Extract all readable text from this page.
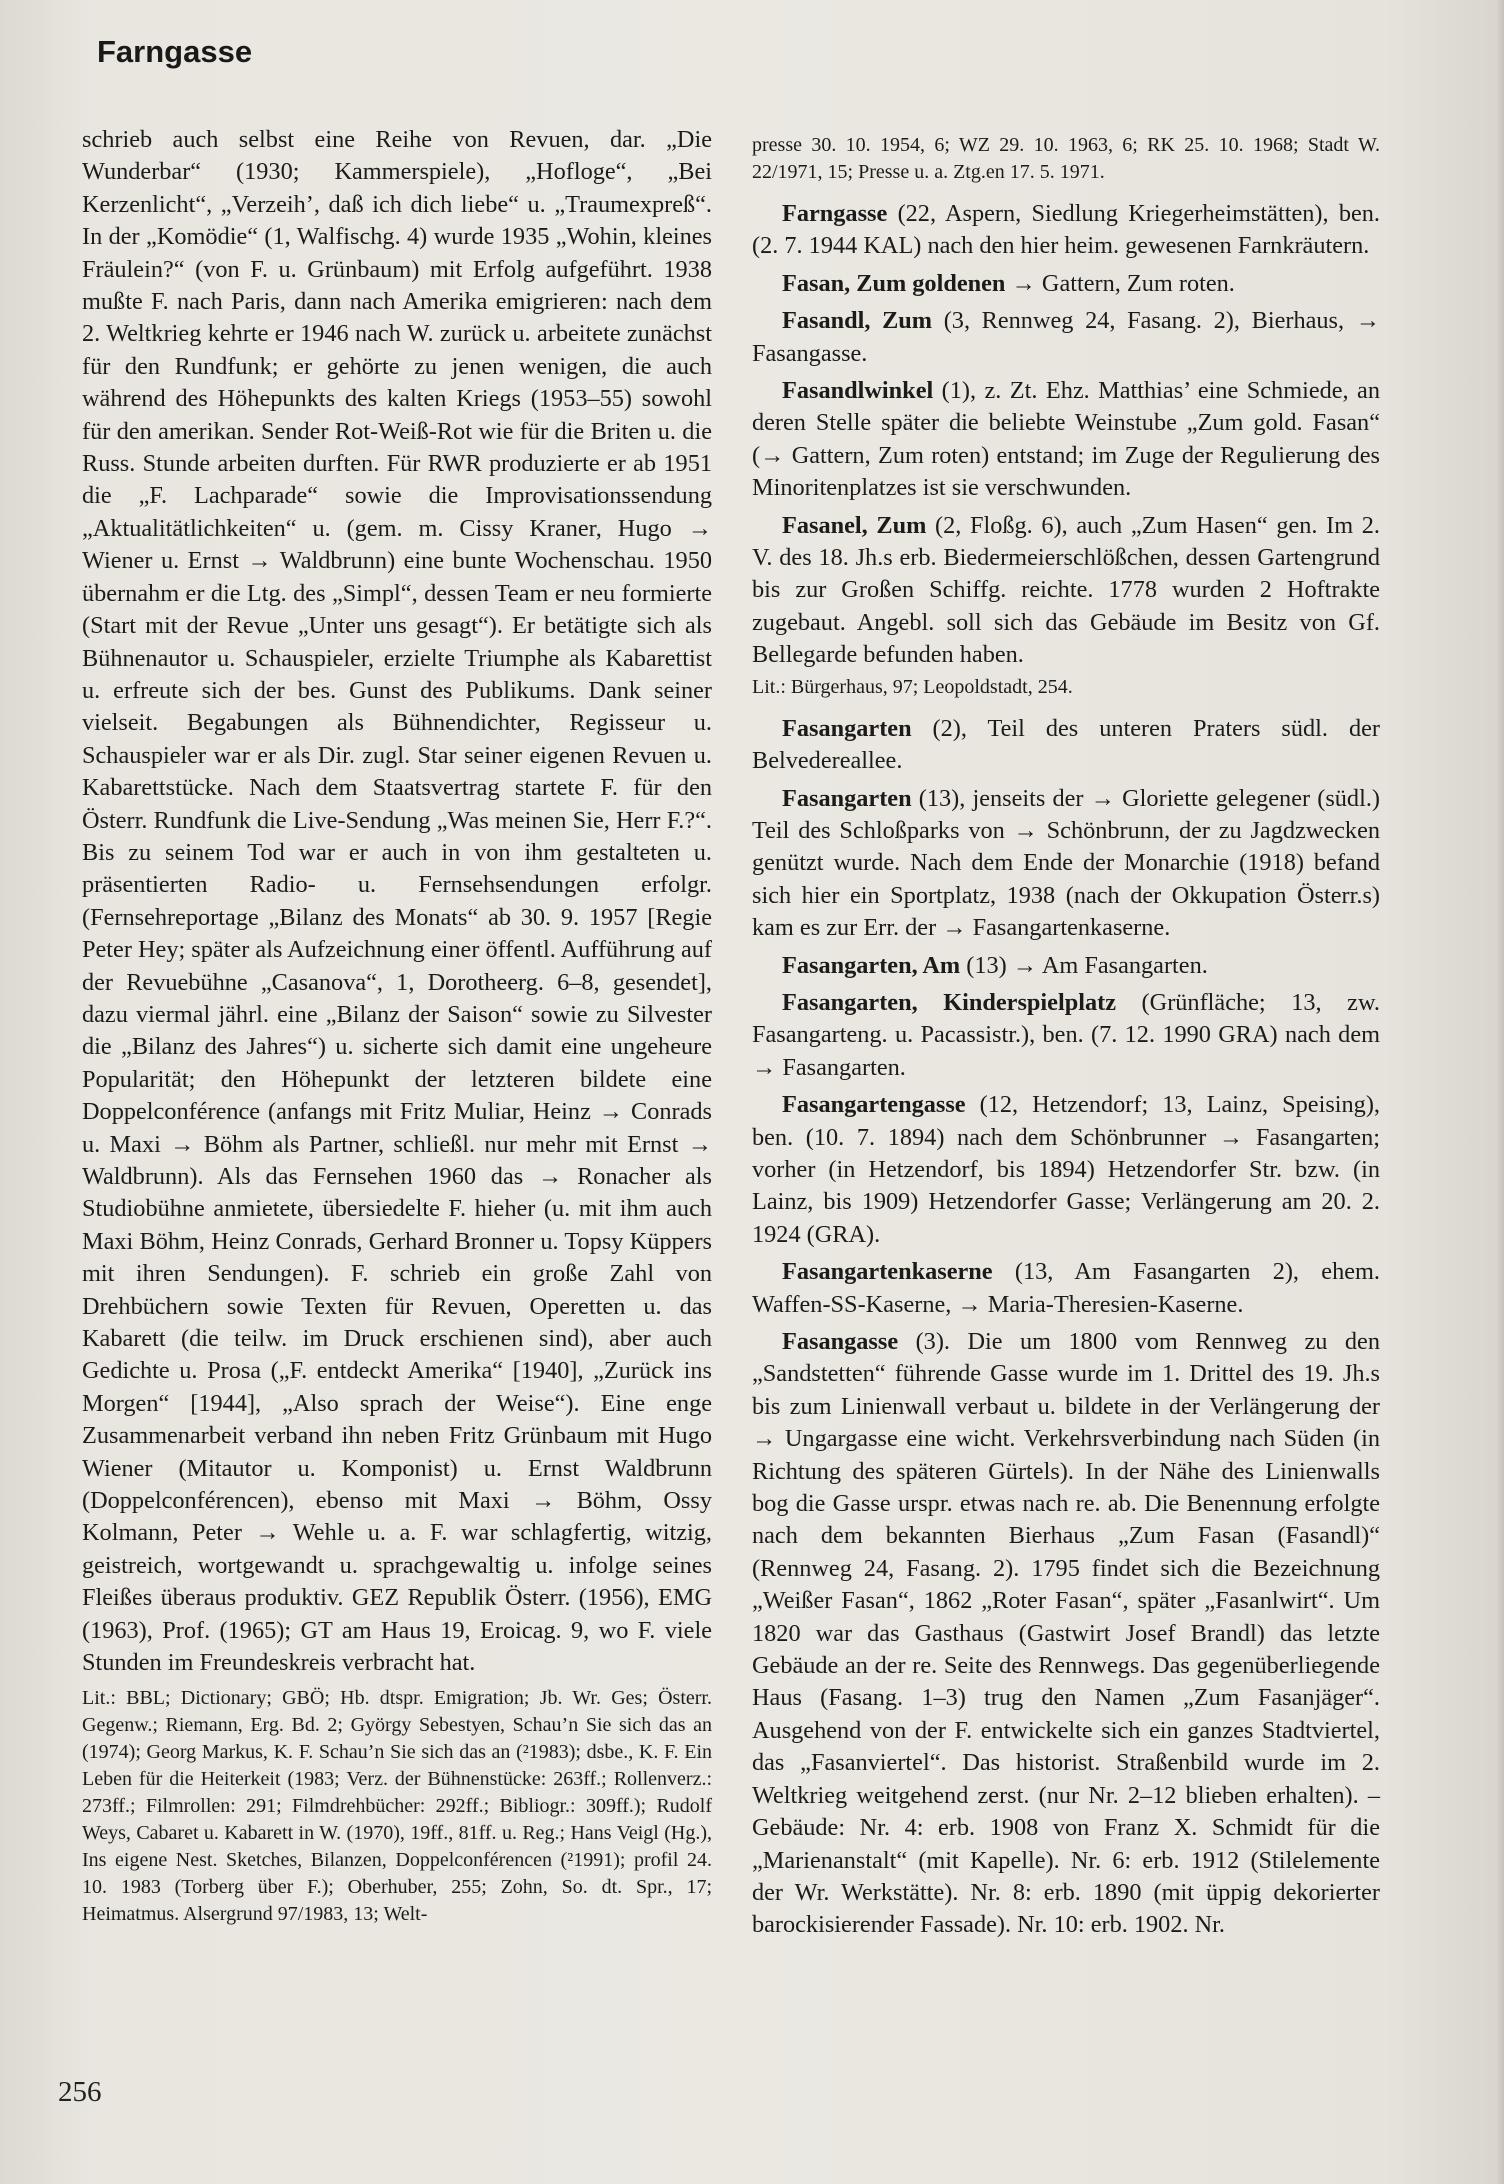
Farngasse

schrieb auch selbst eine Reihe von Revuen, dar. „Die Wunderbar“ (1930; Kammerspiele), „Hofloge“, „Bei Kerzenlicht“, „Verzeih’, daß ich dich liebe“ u. „Traumexpreß“. In der „Komödie“ (1, Walfischg. 4) wurde 1935 „Wohin, kleines Fräulein?“ (von F. u. Grünbaum) mit Erfolg aufgeführt. 1938 mußte F. nach Paris, dann nach Amerika emigrieren: nach dem 2. Weltkrieg kehrte er 1946 nach W. zurück u. arbeitete zunächst für den Rundfunk; er gehörte zu jenen wenigen, die auch während des Höhepunkts des kalten Kriegs (1953–55) sowohl für den amerikan. Sender Rot-Weiß-Rot wie für die Briten u. die Russ. Stunde arbeiten durften. Für RWR produzierte er ab 1951 die „F. Lachparade“ sowie die Improvisationssendung „Aktualitätlichkeiten“ u. (gem. m. Cissy Kraner, Hugo → Wiener u. Ernst → Waldbrunn) eine bunte Wochenschau. 1950 übernahm er die Ltg. des „Simpl“, dessen Team er neu formierte (Start mit der Revue „Unter uns gesagt“). Er betätigte sich als Bühnenautor u. Schauspieler, erzielte Triumphe als Kabarettist u. erfreute sich der bes. Gunst des Publikums. Dank seiner vielseit. Begabungen als Bühnendichter, Regisseur u. Schauspieler war er als Dir. zugl. Star seiner eigenen Revuen u. Kabarettstücke. Nach dem Staatsvertrag startete F. für den Österr. Rundfunk die Live-Sendung „Was meinen Sie, Herr F.?“. Bis zu seinem Tod war er auch in von ihm gestalteten u. präsentierten Radio- u. Fernsehsendungen erfolgr. (Fernsehreportage „Bilanz des Monats“ ab 30. 9. 1957 [Regie Peter Hey; später als Aufzeichnung einer öffentl. Aufführung auf der Revuebühne „Casanova“, 1, Dorotheerg. 6–8, gesendet], dazu viermal jährl. eine „Bilanz der Saison“ sowie zu Silvester die „Bilanz des Jahres“) u. sicherte sich damit eine ungeheure Popularität; den Höhepunkt der letzteren bildete eine Doppelconférence (anfangs mit Fritz Muliar, Heinz → Conrads u. Maxi → Böhm als Partner, schließl. nur mehr mit Ernst → Waldbrunn). Als das Fernsehen 1960 das → Ronacher als Studiobühne anmietete, übersiedelte F. hieher (u. mit ihm auch Maxi Böhm, Heinz Conrads, Gerhard Bronner u. Topsy Küppers mit ihren Sendungen). F. schrieb ein große Zahl von Drehbüchern sowie Texten für Revuen, Operetten u. das Kabarett (die teilw. im Druck erschienen sind), aber auch Gedichte u. Prosa („F. entdeckt Amerika“ [1940], „Zurück ins Morgen“ [1944], „Also sprach der Weise“). Eine enge Zusammenarbeit verband ihn neben Fritz Grünbaum mit Hugo Wiener (Mitautor u. Komponist) u. Ernst Waldbrunn (Doppelconférencen), ebenso mit Maxi → Böhm, Ossy Kolmann, Peter → Wehle u. a. F. war schlagfertig, witzig, geistreich, wortgewandt u. sprachgewaltig u. infolge seines Fleißes überaus produktiv. GEZ Republik Österr. (1956), EMG (1963), Prof. (1965); GT am Haus 19, Eroicag. 9, wo F. viele Stunden im Freundeskreis verbracht hat.

Lit.: BBL; Dictionary; GBÖ; Hb. dtspr. Emigration; Jb. Wr. Ges; Österr. Gegenw.; Riemann, Erg. Bd. 2; György Sebestyen, Schau’n Sie sich das an (1974); Georg Markus, K. F. Schau’n Sie sich das an (²1983); dsbe., K. F. Ein Leben für die Heiterkeit (1983; Verz. der Bühnenstücke: 263ff.; Rollenverz.: 273ff.; Filmrollen: 291; Filmdrehbücher: 292ff.; Bibliogr.: 309ff.); Rudolf Weys, Cabaret u. Kabarett in W. (1970), 19ff., 81ff. u. Reg.; Hans Veigl (Hg.), Ins eigene Nest. Sketches, Bilanzen, Doppelconférencen (²1991); profil 24. 10. 1983 (Torberg über F.); Oberhuber, 255; Zohn, So. dt. Spr., 17; Heimatmus. Alsergrund 97/1983, 13; Welt-

presse 30. 10. 1954, 6; WZ 29. 10. 1963, 6; RK 25. 10. 1968; Stadt W. 22/1971, 15; Presse u. a. Ztg.en 17. 5. 1971.

Farngasse (22, Aspern, Siedlung Kriegerheimstätten), ben. (2. 7. 1944 KAL) nach den hier heim. gewesenen Farnkräutern.

Fasan, Zum goldenen → Gattern, Zum roten.

Fasandl, Zum (3, Rennweg 24, Fasang. 2), Bierhaus, → Fasangasse.

Fasandlwinkel (1), z. Zt. Ehz. Matthias’ eine Schmiede, an deren Stelle später die beliebte Weinstube „Zum gold. Fasan“ (→ Gattern, Zum roten) entstand; im Zuge der Regulierung des Minoritenplatzes ist sie verschwunden.

Fasanel, Zum (2, Floßg. 6), auch „Zum Hasen“ gen. Im 2. V. des 18. Jh.s erb. Biedermeierschlößchen, dessen Gartengrund bis zur Großen Schiffg. reichte. 1778 wurden 2 Hoftrakte zugebaut. Angebl. soll sich das Gebäude im Besitz von Gf. Bellegarde befunden haben.

Lit.: Bürgerhaus, 97; Leopoldstadt, 254.

Fasangarten (2), Teil des unteren Praters südl. der Belvedereallee.

Fasangarten (13), jenseits der → Gloriette gelegener (südl.) Teil des Schloßparks von → Schönbrunn, der zu Jagdzwecken genützt wurde. Nach dem Ende der Monarchie (1918) befand sich hier ein Sportplatz, 1938 (nach der Okkupation Österr.s) kam es zur Err. der → Fasangartenkaserne.

Fasangarten, Am (13) → Am Fasangarten.

Fasangarten, Kinderspielplatz (Grünfläche; 13, zw. Fasangarteng. u. Pacassistr.), ben. (7. 12. 1990 GRA) nach dem → Fasangarten.

Fasangartengasse (12, Hetzendorf; 13, Lainz, Speising), ben. (10. 7. 1894) nach dem Schönbrunner → Fasangarten; vorher (in Hetzendorf, bis 1894) Hetzendorfer Str. bzw. (in Lainz, bis 1909) Hetzendorfer Gasse; Verlängerung am 20. 2. 1924 (GRA).

Fasangartenkaserne (13, Am Fasangarten 2), ehem. Waffen-SS-Kaserne, → Maria-Theresien-Kaserne.

Fasangasse (3). Die um 1800 vom Rennweg zu den „Sandstetten“ führende Gasse wurde im 1. Drittel des 19. Jh.s bis zum Linienwall verbaut u. bildete in der Verlängerung der → Ungargasse eine wicht. Verkehrsverbindung nach Süden (in Richtung des späteren Gürtels). In der Nähe des Linienwalls bog die Gasse urspr. etwas nach re. ab. Die Benennung erfolgte nach dem bekannten Bierhaus „Zum Fasan (Fasandl)“ (Rennweg 24, Fasang. 2). 1795 findet sich die Bezeichnung „Weißer Fasan“, 1862 „Roter Fasan“, später „Fasanlwirt“. Um 1820 war das Gasthaus (Gastwirt Josef Brandl) das letzte Gebäude an der re. Seite des Rennwegs. Das gegenüberliegende Haus (Fasang. 1–3) trug den Namen „Zum Fasanjäger“. Ausgehend von der F. entwickelte sich ein ganzes Stadtviertel, das „Fasanviertel“. Das historist. Straßenbild wurde im 2. Weltkrieg weitgehend zerst. (nur Nr. 2–12 blieben erhalten). – Gebäude: Nr. 4: erb. 1908 von Franz X. Schmidt für die „Marienanstalt“ (mit Kapelle). Nr. 6: erb. 1912 (Stilelemente der Wr. Werkstätte). Nr. 8: erb. 1890 (mit üppig dekorierter barockisierender Fassade). Nr. 10: erb. 1902. Nr.

256
